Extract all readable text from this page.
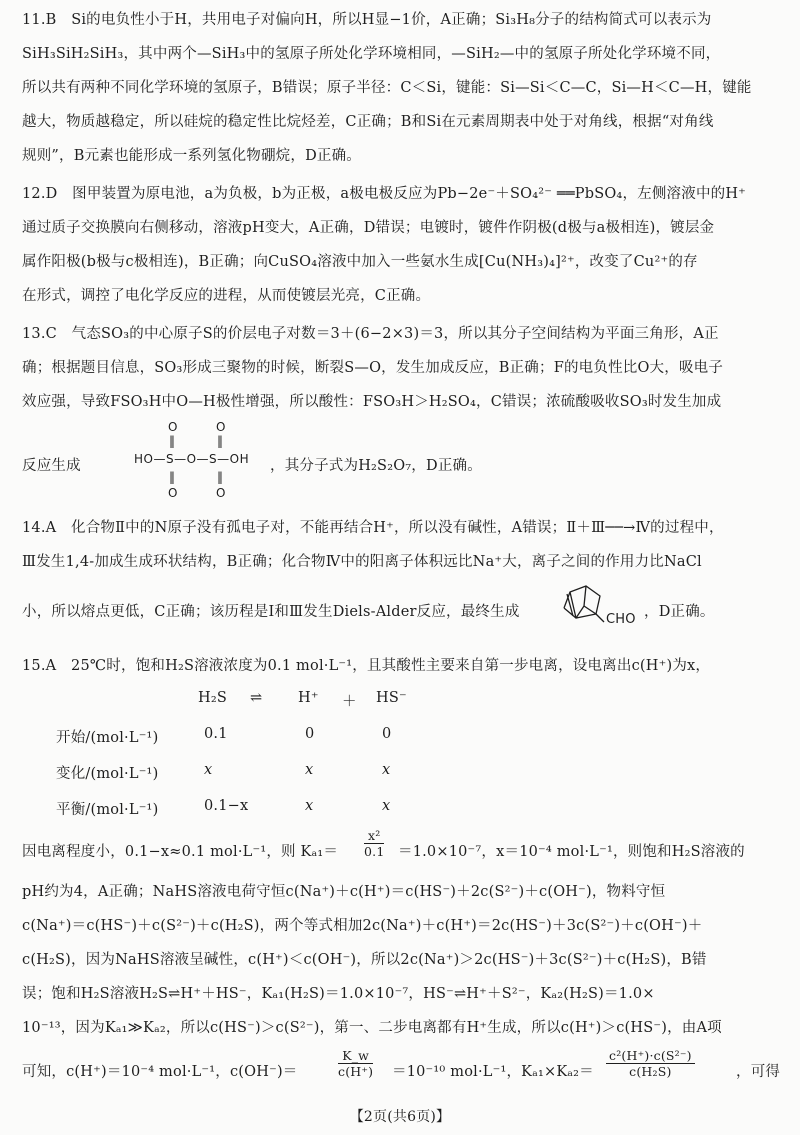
11.B　Si的电负性小于H，共用电子对偏向H，所以H显−1价，A正确；Si₃H₈分子的结构简式可以表示为
SiH₃SiH₂SiH₃，其中两个—SiH₃中的氢原子所处化学环境相同，—SiH₂—中的氢原子所处化学环境不同，
所以共有两种不同化学环境的氢原子，B错误；原子半径：C＜Si，键能：Si—Si＜C—C，Si—H＜C—H，键能
越大，物质越稳定，所以硅烷的稳定性比烷烃差，C正确；B和Si在元素周期表中处于对角线，根据“对角线
规则”，B元素也能形成一系列氢化物硼烷，D正确。
12.D　图甲装置为原电池，a为负极，b为正极，a极电极反应为Pb−2e⁻＋SO₄²⁻ ══PbSO₄，左侧溶液中的H⁺
通过质子交换膜向右侧移动，溶液pH变大，A正确，D错误；电镀时，镀件作阴极(d极与a极相连)，镀层金
属作阳极(b极与c极相连)，B正确；向CuSO₄溶液中加入一些氨水生成[Cu(NH₃)₄]²⁺，改变了Cu²⁺的存
在形式，调控了电化学反应的进程，从而使镀层光亮，C正确。
13.C　气态SO₃的中心原子S的价层电子对数＝3＋(6−2×3)＝3，所以其分子空间结构为平面三角形，A正
确；根据题目信息，SO₃形成三聚物的时候，断裂S—O，发生加成反应，B正确；F的电负性比O大，吸电子
效应强，导致FSO₃H中O—H极性增强，所以酸性：FSO₃H＞H₂SO₄，C错误；浓硫酸吸收SO₃时发生加成
反应生成
O	O
‖	‖
HO—S—O—S—OH
‖	‖
O	O
，其分子式为H₂S₂O₇，D正确。
14.A　化合物Ⅱ中的N原子没有孤电子对，不能再结合H⁺，所以没有碱性，A错误；Ⅱ＋Ⅲ──→Ⅳ的过程中，
Ⅲ发生1,4-加成生成环状结构，B正确；化合物Ⅳ中的阳离子体积远比Na⁺大，离子之间的作用力比NaCl
小，所以熔点更低，C正确；该历程是Ⅰ和Ⅲ发生Diels-Alder反应，最终生成	CHO ，D正确。
15.A　25℃时，饱和H₂S溶液浓度为0.1 mol·L⁻¹，且其酸性主要来自第一步电离，设电离出c(H⁺)为x，
H₂S ⇌ H⁺ ＋ HS⁻
开始/(mol·L⁻¹)	0.1	0	0
变化/(mol·L⁻¹)	x	x	x
平衡/(mol·L⁻¹)	0.1−x	x	x
因电离程度小，0.1−x≈0.1 mol·L⁻¹，则 $K_{a1}= \frac{\text{x²}}{0.1} =1.0\times 10^{-7}$，x＝10⁻⁴ mol·L⁻¹，则饱和H₂S溶液的
pH约为4，A正确；NaHS溶液电荷守恒c(Na⁺)＋c(H⁺)＝c(HS⁻)＋2c(S²⁻)＋c(OH⁻)，物料守恒
c(Na⁺)＝c(HS⁻)＋c(S²⁻)＋c(H₂S)，两个等式相加2c(Na⁺)＋c(H⁺)＝2c(HS⁻)＋3c(S²⁻)＋c(OH⁻)＋
c(H₂S)，因为NaHS溶液呈碱性，c(H⁺)＜c(OH⁻)，所以2c(Na⁺)＞2c(HS⁻)＋3c(S²⁻)＋c(H₂S)，B错
误；饱和H₂S溶液H₂S⇌H⁺＋HS⁻，Kₐ₁(H₂S)＝1.0×10⁻⁷，HS⁻⇌H⁺＋S²⁻，Kₐ₂(H₂S)＝1.0×
10⁻¹³，因为Kₐ₁≫Kₐ₂，所以c(HS⁻)＞c(S²⁻)，第一、二步电离都有H⁺生成，所以c(H⁺)＞c(HS⁻)，由A项
可知，c(H⁺)＝10⁻⁴ mol·L⁻¹，c(OH⁻)＝	$\frac{K\_w}{c(H^+)} =10^{-10}$ mol·L⁻¹，$K_{a1}\times K_{a2}= \frac{\text{c²(H⁺)·c(S²⁻)}}{\text{c(H₂S)}}$	，可得
【2页(共6页)】
